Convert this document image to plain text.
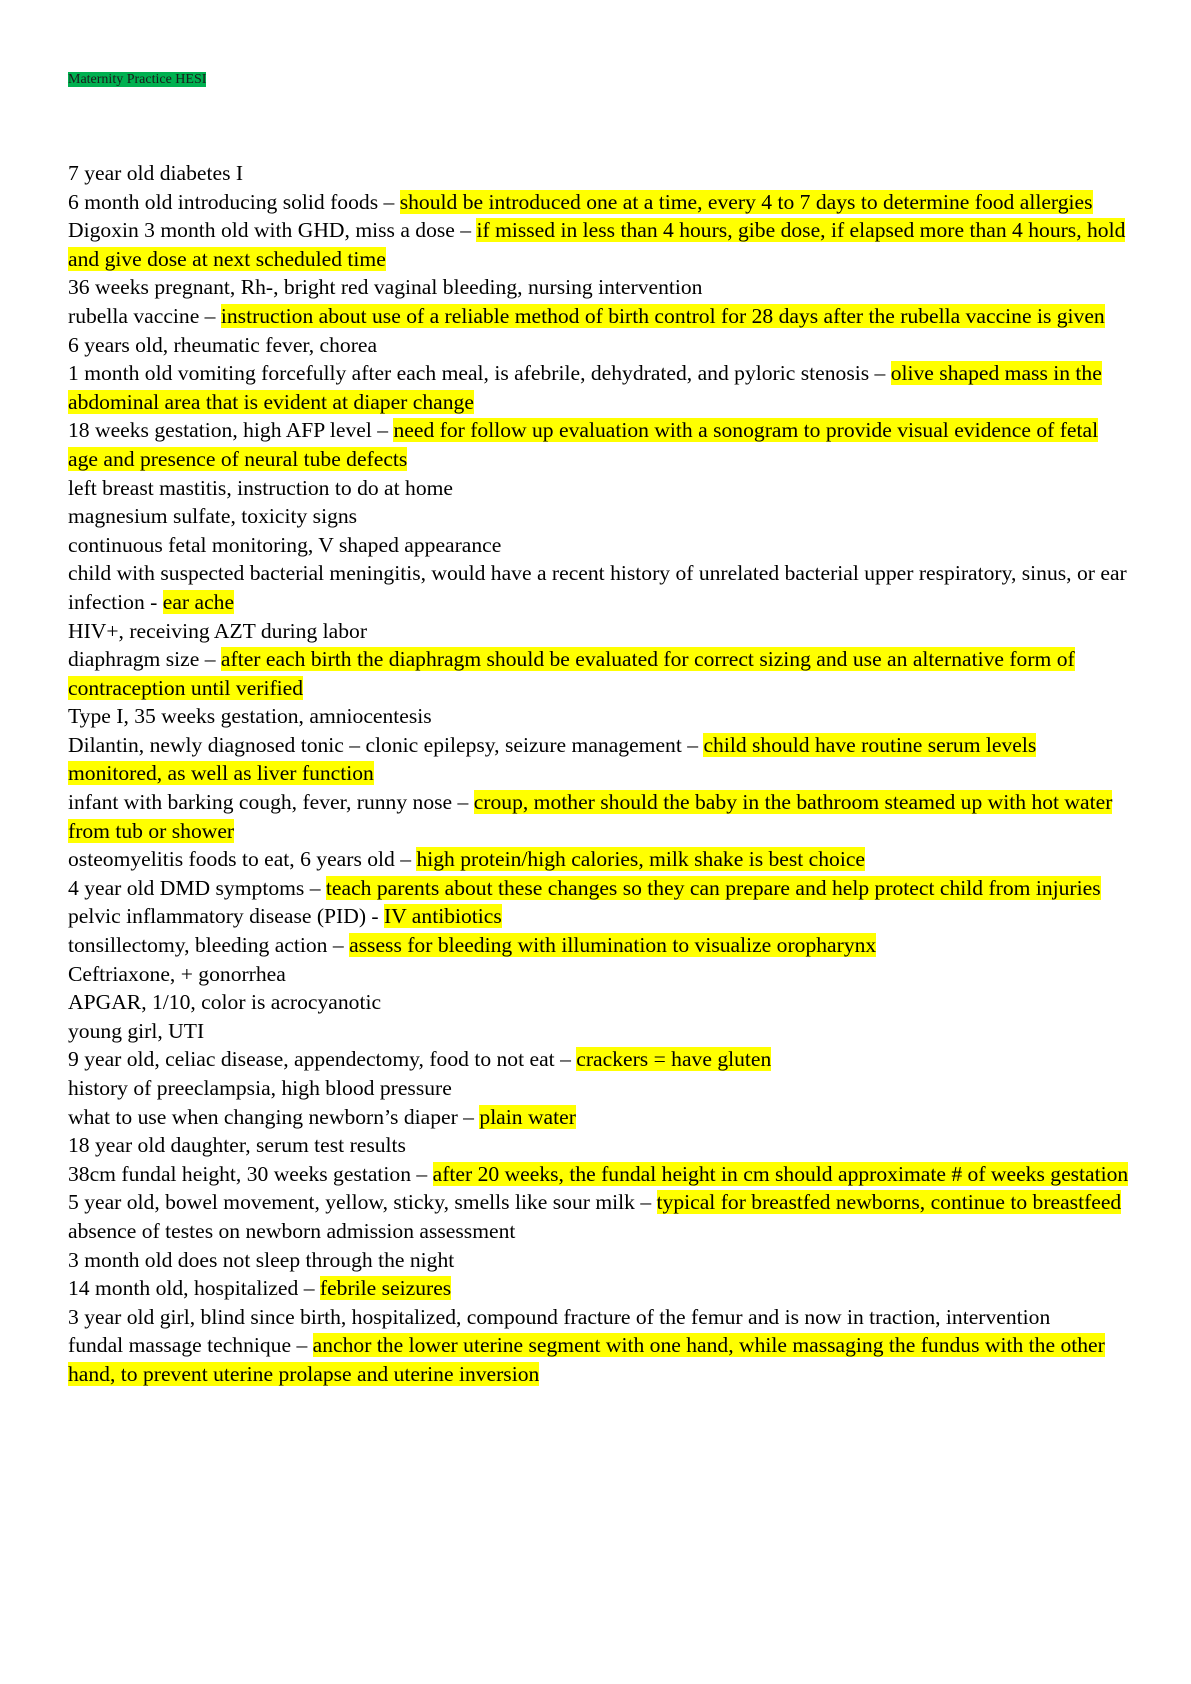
Maternity Practice HESI

7 year old diabetes I

6 month old introducing solid foods – should be introduced one at a time, every 4 to 7 days to determine food allergies

Digoxin 3 month old with GHD, miss a dose – if missed in less than 4 hours, gibe dose, if elapsed more than 4 hours, hold and give dose at next scheduled time

36 weeks pregnant, Rh-, bright red vaginal bleeding, nursing intervention

rubella vaccine – instruction about use of a reliable method of birth control for 28 days after the rubella vaccine is given

6 years old, rheumatic fever, chorea

1 month old vomiting forcefully after each meal, is afebrile, dehydrated, and pyloric stenosis – olive shaped mass in the abdominal area that is evident at diaper change

18 weeks gestation, high AFP level – need for follow up evaluation with a sonogram to provide visual evidence of fetal age and presence of neural tube defects

left breast mastitis, instruction to do at home

magnesium sulfate, toxicity signs

continuous fetal monitoring, V shaped appearance

child with suspected bacterial meningitis, would have a recent history of unrelated bacterial upper respiratory, sinus, or ear infection - ear ache

HIV+, receiving AZT during labor

diaphragm size – after each birth the diaphragm should be evaluated for correct sizing and use an alternative form of contraception until verified

Type I, 35 weeks gestation, amniocentesis

Dilantin, newly diagnosed tonic – clonic epilepsy, seizure management – child should have routine serum levels monitored, as well as liver function

infant with barking cough, fever, runny nose – croup, mother should the baby in the bathroom steamed up with hot water from tub or shower

osteomyelitis foods to eat, 6 years old – high protein/high calories, milk shake is best choice

4 year old DMD symptoms – teach parents about these changes so they can prepare and help protect child from injuries

pelvic inflammatory disease (PID) - IV antibiotics

tonsillectomy, bleeding action – assess for bleeding with illumination to visualize oropharynx

Ceftriaxone, + gonorrhea

APGAR, 1/10, color is acrocyanotic

young girl, UTI

9 year old, celiac disease, appendectomy, food to not eat – crackers = have gluten

history of preeclampsia, high blood pressure

what to use when changing newborn’s diaper – plain water

18 year old daughter, serum test results

38cm fundal height, 30 weeks gestation – after 20 weeks, the fundal height in cm should approximate # of weeks gestation

5 year old, bowel movement, yellow, sticky, smells like sour milk – typical for breastfed newborns, continue to breastfeed

absence of testes on newborn admission assessment

3 month old does not sleep through the night

14 month old, hospitalized – febrile seizures

3 year old girl, blind since birth, hospitalized, compound fracture of the femur and is now in traction, intervention

fundal massage technique – anchor the lower uterine segment with one hand, while massaging the fundus with the other hand, to prevent uterine prolapse and uterine inversion
